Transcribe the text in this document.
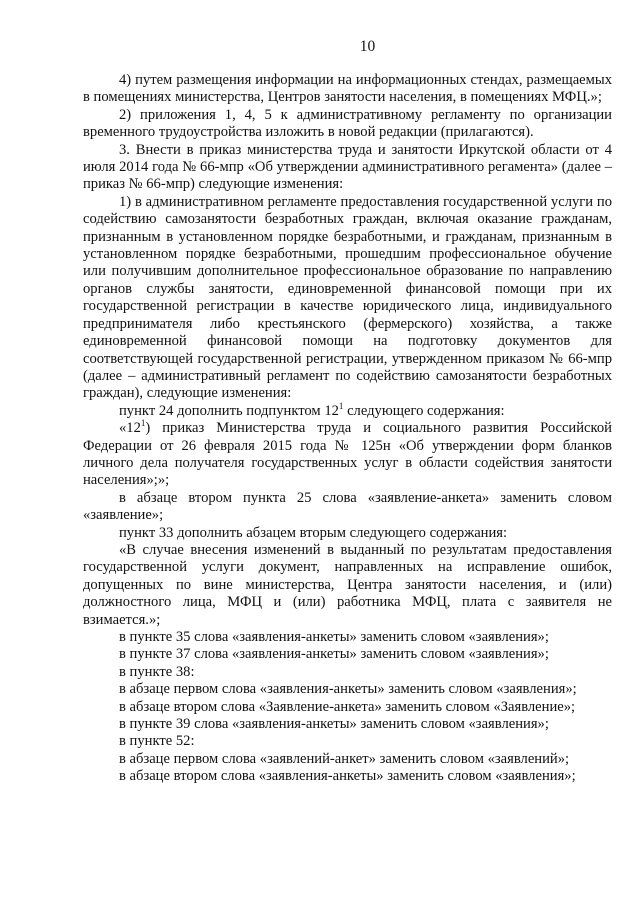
10

4) путем размещения информации на информационных стендах, размещаемых в помещениях министерства, Центров занятости населения, в помещениях МФЦ.»;

2) приложения 1, 4, 5 к административному регламенту по организации временного трудоустройства изложить в новой редакции (прилагаются).

3. Внести в приказ министерства труда и занятости Иркутской области от 4 июля 2014 года № 66-мпр «Об утверждении административного регамента» (далее – приказ № 66-мпр) следующие изменения:

1) в административном регламенте предоставления государственной услуги по содействию самозанятости безработных граждан, включая оказание гражданам, признанным в установленном порядке безработными, и гражданам, признанным в установленном порядке безработными, прошедшим профессиональное обучение или получившим дополнительное профессиональное образование по направлению органов службы занятости, единовременной финансовой помощи при их государственной регистрации в качестве юридического лица, индивидуального предпринимателя либо крестьянского (фермерского) хозяйства, а также единовременной финансовой помощи на подготовку документов для соответствующей государственной регистрации, утвержденном приказом № 66-мпр (далее – административный регламент по содействию самозанятости безработных граждан), следующие изменения:

пункт 24 дополнить подпунктом $12^1$ следующего содержания:

«$12^1$) приказ Министерства труда и социального развития Российской Федерации от 26 февраля 2015 года № 125н «Об утверждении форм бланков личного дела получателя государственных услуг в области содействия занятости населения»;»;

в абзаце втором пункта 25 слова «заявление-анкета» заменить словом «заявление»;

пункт 33 дополнить абзацем вторым следующего содержания:

«В случае внесения изменений в выданный по результатам предоставления государственной услуги документ, направленных на исправление ошибок, допущенных по вине министерства, Центра занятости населения, и (или) должностного лица, МФЦ и (или) работника МФЦ, плата с заявителя не взимается.»;

в пункте 35 слова «заявления-анкеты» заменить словом «заявления»;

в пункте 37 слова «заявления-анкеты» заменить словом «заявления»;

в пункте 38:

в абзаце первом слова «заявления-анкеты» заменить словом «заявления»;

в абзаце втором слова «Заявление-анкета» заменить словом «Заявление»;

в пункте 39 слова «заявления-анкеты» заменить словом «заявления»;

в пункте 52:

в абзаце первом слова «заявлений-анкет» заменить словом «заявлений»;

в абзаце втором слова «заявления-анкеты» заменить словом «заявления»;
